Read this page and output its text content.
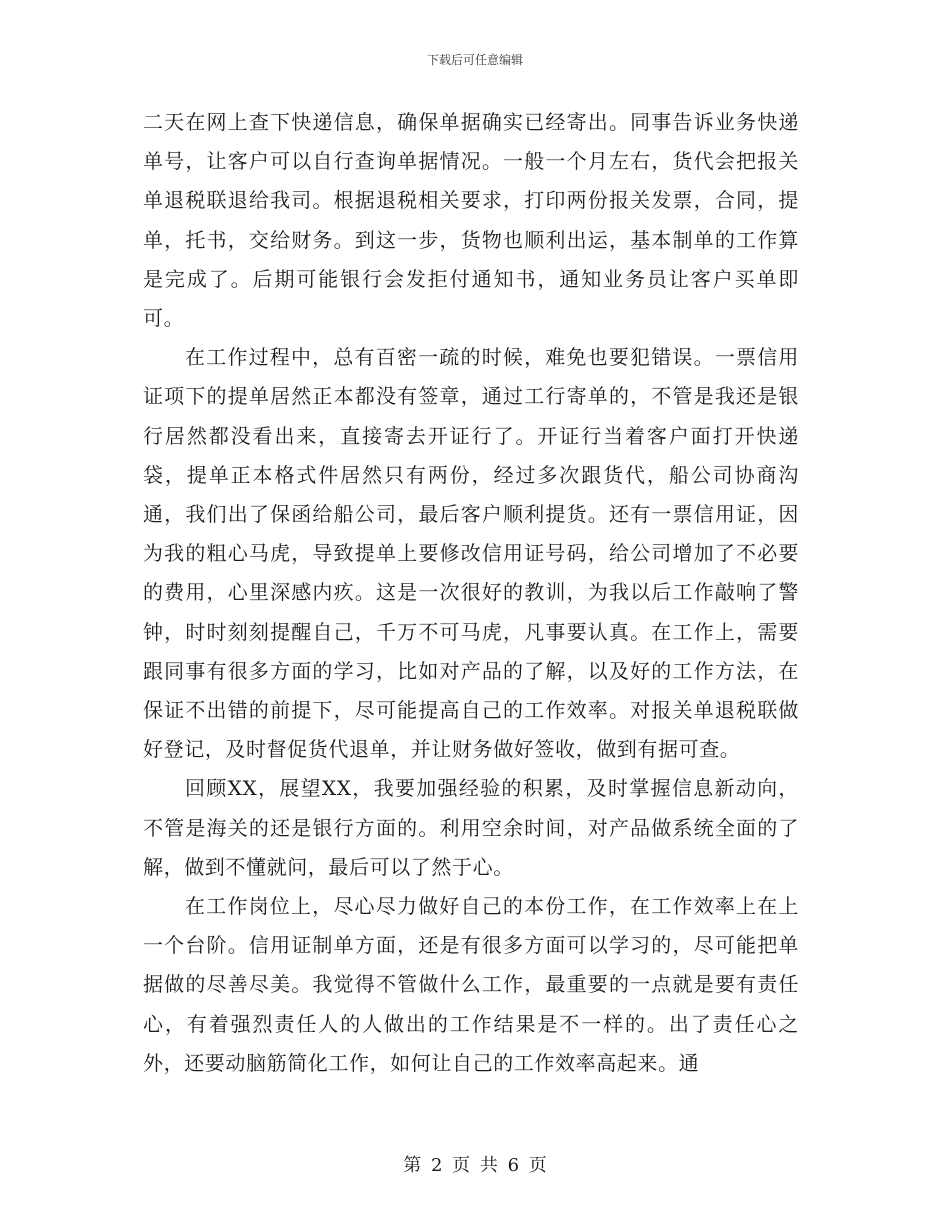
下载后可任意编辑

二天在网上查下快递信息，确保单据确实已经寄出。同事告诉业务快递单号，让客户可以自行查询单据情况。一般一个月左右，货代会把报关单退税联退给我司。根据退税相关要求，打印两份报关发票，合同，提单，托书，交给财务。到这一步，货物也顺利出运，基本制单的工作算是完成了。后期可能银行会发拒付通知书，通知业务员让客户买单即可。

在工作过程中，总有百密一疏的时候，难免也要犯错误。一票信用证项下的提单居然正本都没有签章，通过工行寄单的，不管是我还是银行居然都没看出来，直接寄去开证行了。开证行当着客户面打开快递袋，提单正本格式件居然只有两份，经过多次跟货代，船公司协商沟通，我们出了保函给船公司，最后客户顺利提货。还有一票信用证，因为我的粗心马虎，导致提单上要修改信用证号码，给公司增加了不必要的费用，心里深感内疚。这是一次很好的教训，为我以后工作敲响了警钟，时时刻刻提醒自己，千万不可马虎，凡事要认真。在工作上，需要跟同事有很多方面的学习，比如对产品的了解，以及好的工作方法，在保证不出错的前提下，尽可能提高自己的工作效率。对报关单退税联做好登记，及时督促货代退单，并让财务做好签收，做到有据可查。

回顾XX，展望XX，我要加强经验的积累，及时掌握信息新动向，不管是海关的还是银行方面的。利用空余时间，对产品做系统全面的了解，做到不懂就问，最后可以了然于心。

在工作岗位上，尽心尽力做好自己的本份工作，在工作效率上在上一个台阶。信用证制单方面，还是有很多方面可以学习的，尽可能把单据做的尽善尽美。我觉得不管做什么工作，最重要的一点就是要有责任心，有着强烈责任人的人做出的工作结果是不一样的。出了责任心之外，还要动脑筋简化工作，如何让自己的工作效率高起来。通

第 2 页 共 6 页
